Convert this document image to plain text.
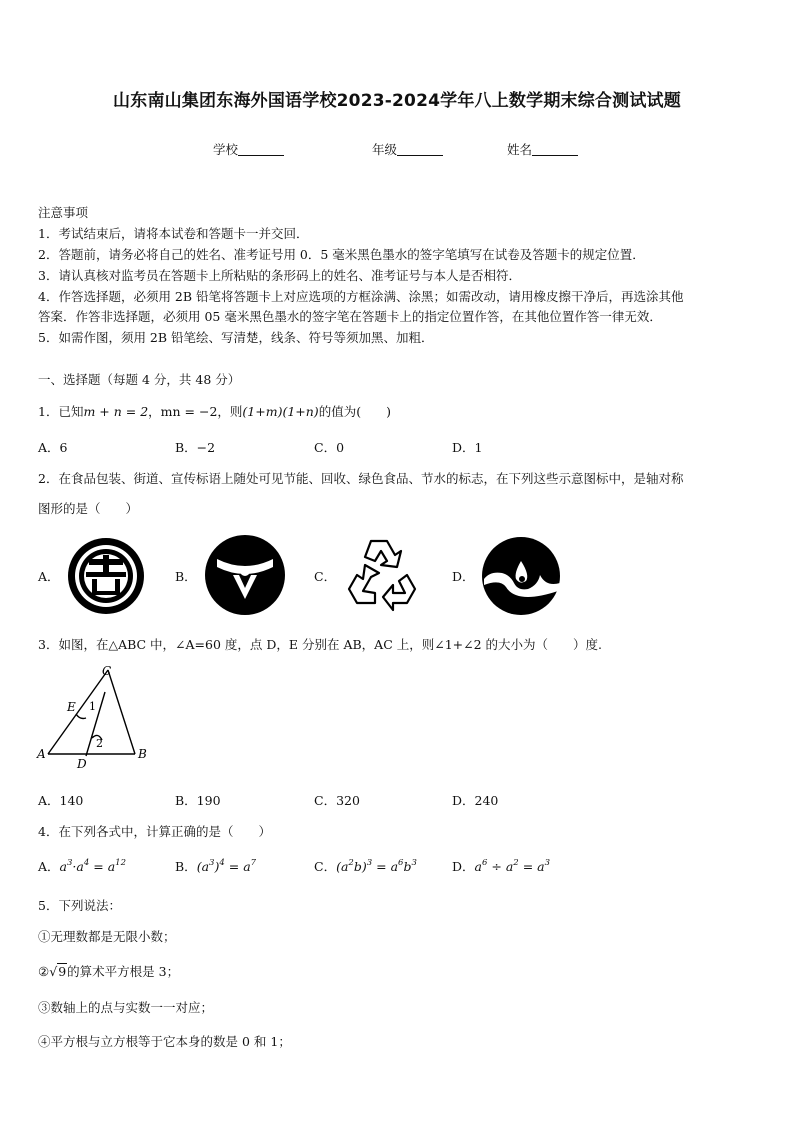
山东南山集团东海外国语学校2023-2024学年八上数学期末综合测试试题
学校	年级	姓名
注意事项
1．考试结束后，请将本试卷和答题卡一并交回．
2．答题前，请务必将自己的姓名、准考证号用 0．5 毫米黑色墨水的签字笔填写在试卷及答题卡的规定位置．
3．请认真核对监考员在答题卡上所粘贴的条形码上的姓名、准考证号与本人是否相符．
4．作答选择题，必须用 2B 铅笔将答题卡上对应选项的方框涂满、涂黑；如需改动，请用橡皮擦干净后，再选涂其他
答案．作答非选择题，必须用 05 毫米黑色墨水的签字笔在答题卡上的指定位置作答，在其他位置作答一律无效．
5．如需作图，须用 2B 铅笔绘、写清楚，线条、符号等须加黑、加粗．
一、选择题（每题 4 分，共 48 分）
1．已知m + n = 2，mn = −2，则(1+m)(1+n)的值为(　　)
A．6	B．−2	C．0	D．1
2．在食品包装、街道、宣传标语上随处可见节能、回收、绿色食品、节水的标志，在下列这些示意图标中，是轴对称
图形的是（　　）
A．	B．	C．	D．
3．如图，在△ABC 中，∠A=60 度，点 D，E 分别在 AB，AC 上，则∠1+∠2 的大小为（　　）度.
C
E
A
D
B
1
2
A．140	B．190	C．320	D．240
4．在下列各式中，计算正确的是（　　）
A．$a^3\cdot a^4 = a^{12}$	B．$(a^3)^4 = a^7$	C．$(a^2b)^3 = a^6b^3$	D．$a^6 \div a^2 = a^3$
5．下列说法：
①无理数都是无限小数；
②√9的算术平方根是 3；
③数轴上的点与实数一一对应；
④平方根与立方根等于它本身的数是 0 和 1；
